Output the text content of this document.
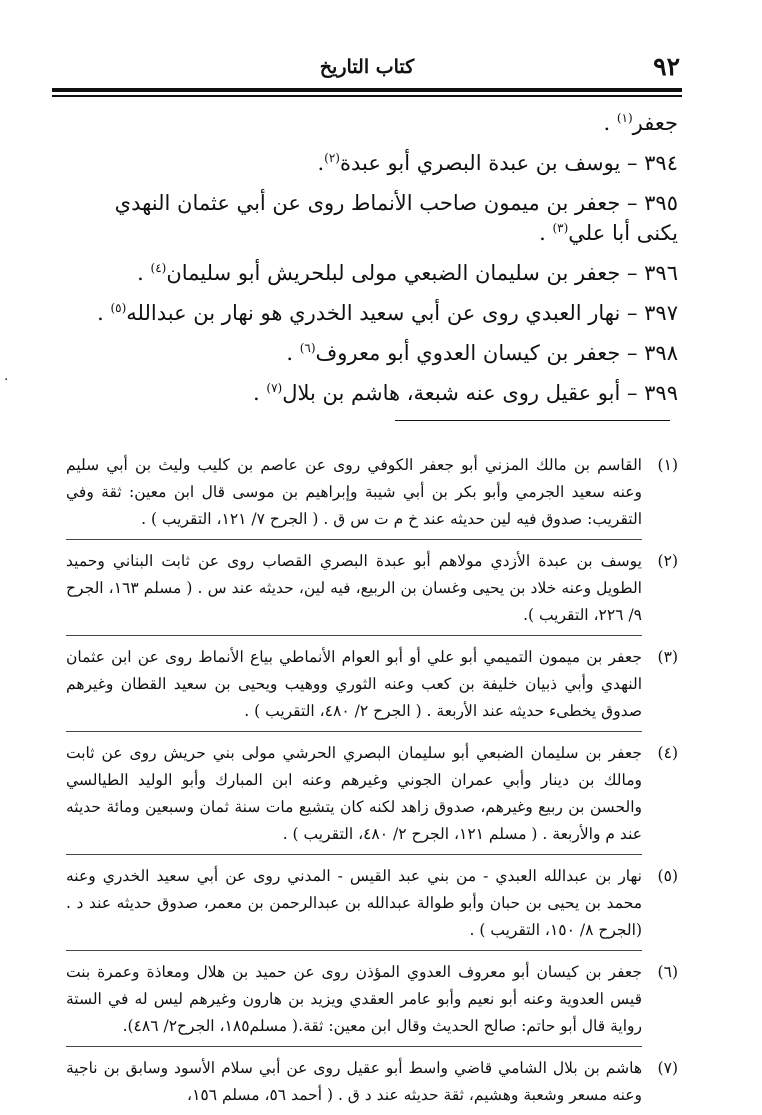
٩٢
كتاب التاريخ
جعفر$^{(١)}$ .
٣٩٤ – يوسف بن عبدة البصري أبو عبدة$^{(٢)}$.
٣٩٥ – جعفر بن ميمون صاحب الأنماط روى عن أبي عثمان النهدي يكنى أبا علي$^{(٣)}$ .
٣٩٦ – جعفر بن سليمان الضبعي مولى لبلحريش أبو سليمان$^{(٤)}$ .
٣٩٧ – نهار العبدي روى عن أبي سعيد الخدري هو نهار بن عبدالله$^{(٥)}$ .
٣٩٨ – جعفر بن كيسان العدوي أبو معروف$^{(٦)}$ .
٣٩٩ – أبو عقيل روى عنه شبعة، هاشم بن بلال$^{(٧)}$ .
·
(١)
القاسم بن مالك المزني أبو جعفر الكوفي روى عن عاصم بن كليب وليث بن أبي سليم وعنه سعيد الجرمي وأبو بكر بن أبي شيبة وإبراهيم بن موسى قال ابن معين: ثقة وفي التقريب: صدوق فيه لين حديثه عند خ م ت س ق . ( الجرح ٧/ ١٢١، التقريب ) .
(٢)
يوسف بن عبدة الأزدي مولاهم أبو عبدة البصري القصاب روى عن ثابت البناني وحميد الطويل وعنه خلاد بن يحيى وغسان بن الربيع، فيه لين، حديثه عند س . ( مسلم ١٦٣، الجرح ٩/ ٢٢٦، التقريب ).
(٣)
جعفر بن ميمون التميمي أبو علي أو أبو العوام الأنماطي بياع الأنماط روى عن ابن عثمان النهدي وأبي ذبيان خليفة بن كعب وعنه الثوري ووهيب ويحيى بن سعيد القطان وغيرهم صدوق يخطىء حديثه عند الأربعة . ( الجرح ٢/ ٤٨٠، التقريب ) .
(٤)
جعفر بن سليمان الضبعي أبو سليمان البصري الحرشي مولى بني حريش روى عن ثابت ومالك بن دينار وأبي عمران الجوني وغيرهم وعنه ابن المبارك وأبو الوليد الطيالسي والحسن بن ربيع وغيرهم، صدوق زاهد لكنه كان يتشيع مات سنة ثمان وسبعين ومائة حديثه عند م والأربعة . ( مسلم ١٢١، الجرح ٢/ ٤٨٠، التقريب ) .
(٥)
نهار بن عبدالله العبدي - من بني عبد القيس - المدني روى عن أبي سعيد الخدري وعنه محمد بن يحيى بن حبان وأبو طوالة عبدالله بن عبدالرحمن بن معمر، صدوق حديثه عند د . (الجرح ٨/ ١٥٠، التقريب ) .
(٦)
جعفر بن كيسان أبو معروف العدوي المؤذن روى عن حميد بن هلال ومعاذة وعمرة بنت قيس العدوية وعنه أبو نعيم وأبو عامر العقدي ويزيد بن هارون وغيرهم ليس له في الستة رواية قال أبو حاتم: صالح الحديث وقال ابن معين: ثقة.( مسلم١٨٥، الجرح٢/ ٤٨٦).
(٧)
هاشم بن بلال الشامي قاضي واسط أبو عقيل روى عن أبي سلام الأسود وسابق بن ناجية وعنه مسعر وشعبة وهشيم، ثقة حديثه عند د ق . ( أحمد ٥٦، مسلم ١٥٦،
